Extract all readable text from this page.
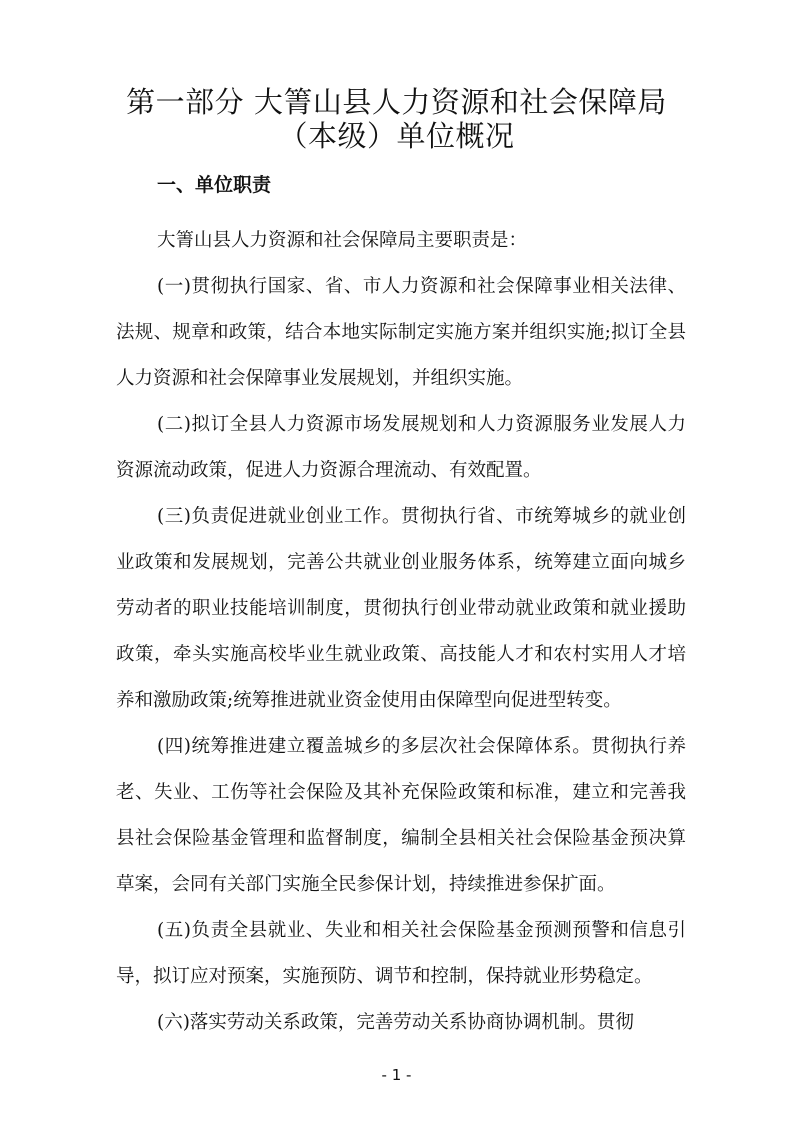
第一部分 大箐山县人力资源和社会保障局
（本级）单位概况
一、单位职责

大箐山县人力资源和社会保障局主要职责是：

(一)贯彻执行国家、省、市人力资源和社会保障事业相关法律、法规、规章和政策，结合本地实际制定实施方案并组织实施;拟订全县人力资源和社会保障事业发展规划，并组织实施。

(二)拟订全县人力资源市场发展规划和人力资源服务业发展人力资源流动政策，促进人力资源合理流动、有效配置。

(三)负责促进就业创业工作。贯彻执行省、市统筹城乡的就业创业政策和发展规划，完善公共就业创业服务体系，统筹建立面向城乡劳动者的职业技能培训制度，贯彻执行创业带动就业政策和就业援助政策，牵头实施高校毕业生就业政策、高技能人才和农村实用人才培养和激励政策;统筹推进就业资金使用由保障型向促进型转变。

(四)统筹推进建立覆盖城乡的多层次社会保障体系。贯彻执行养老、失业、工伤等社会保险及其补充保险政策和标准，建立和完善我县社会保险基金管理和监督制度，编制全县相关社会保险基金预决算草案，会同有关部门实施全民参保计划，持续推进参保扩面。

(五)负责全县就业、失业和相关社会保险基金预测预警和信息引导，拟订应对预案，实施预防、调节和控制，保持就业形势稳定。

(六)落实劳动关系政策，完善劳动关系协商协调机制。贯彻

- 1 -
